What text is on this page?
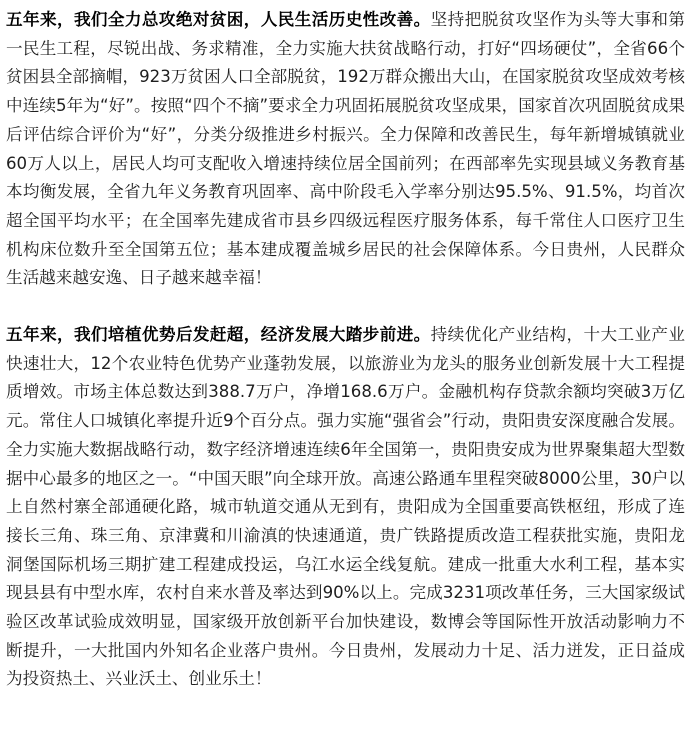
五年来，我们全力总攻绝对贫困，人民生活历史性改善。坚持把脱贫攻坚作为头等大事和第一民生工程，尽锐出战、务求精准，全力实施大扶贫战略行动，打好“四场硬仗”，全省66个贫困县全部摘帽，923万贫困人口全部脱贫，192万群众搬出大山，在国家脱贫攻坚成效考核中连续5年为“好”。按照“四个不摘”要求全力巩固拓展脱贫攻坚成果，国家首次巩固脱贫成果后评估综合评价为“好”，分类分级推进乡村振兴。全力保障和改善民生，每年新增城镇就业60万人以上，居民人均可支配收入增速持续位居全国前列；在西部率先实现县域义务教育基本均衡发展，全省九年义务教育巩固率、高中阶段毛入学率分别达95.5%、91.5%，均首次超全国平均水平；在全国率先建成省市县乡四级远程医疗服务体系，每千常住人口医疗卫生机构床位数升至全国第五位；基本建成覆盖城乡居民的社会保障体系。今日贵州，人民群众生活越来越安逸、日子越来越幸福！

五年来，我们培植优势后发赶超，经济发展大踏步前进。持续优化产业结构，十大工业产业快速壮大，12个农业特色优势产业蓬勃发展，以旅游业为龙头的服务业创新发展十大工程提质增效。市场主体总数达到388.7万户，净增168.6万户。金融机构存贷款余额均突破3万亿元。常住人口城镇化率提升近9个百分点。强力实施“强省会”行动，贵阳贵安深度融合发展。全力实施大数据战略行动，数字经济增速连续6年全国第一，贵阳贵安成为世界聚集超大型数据中心最多的地区之一。“中国天眼”向全球开放。高速公路通车里程突破8000公里，30户以上自然村寨全部通硬化路，城市轨道交通从无到有，贵阳成为全国重要高铁枢纽，形成了连接长三角、珠三角、京津冀和川渝滇的快速通道，贵广铁路提质改造工程获批实施，贵阳龙洞堡国际机场三期扩建工程建成投运，乌江水运全线复航。建成一批重大水利工程，基本实现县县有中型水库，农村自来水普及率达到90%以上。完成3231项改革任务，三大国家级试验区改革试验成效明显，国家级开放创新平台加快建设，数博会等国际性开放活动影响力不断提升，一大批国内外知名企业落户贵州。今日贵州，发展动力十足、活力迸发，正日益成为投资热土、兴业沃土、创业乐土！
